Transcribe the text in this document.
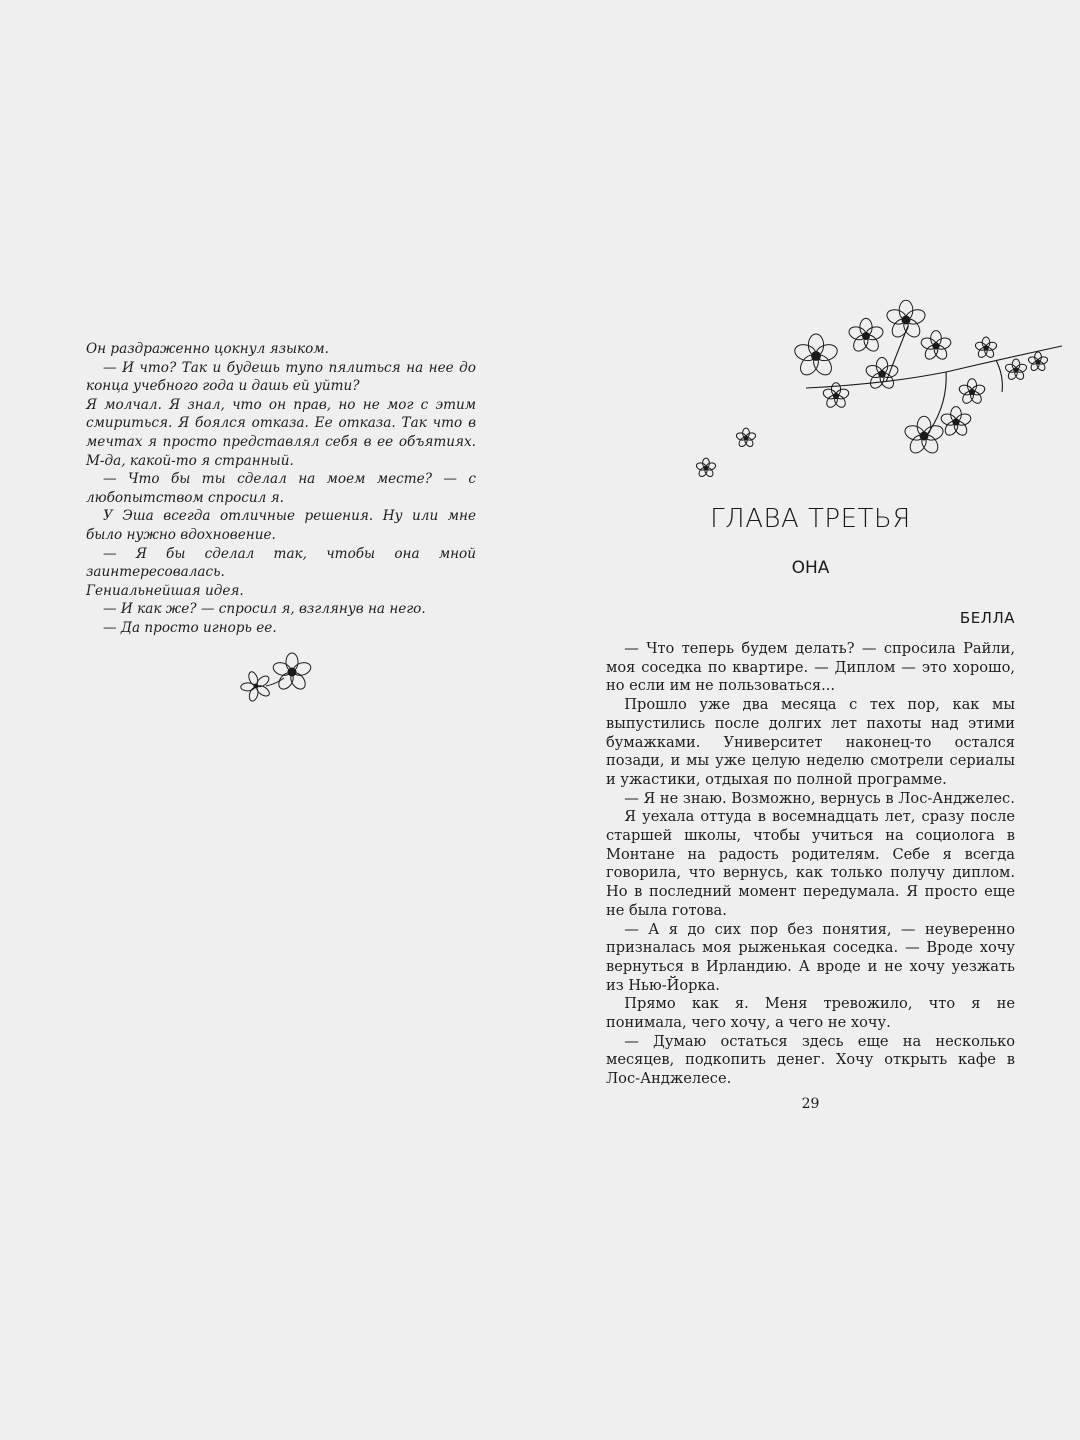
Он раздраженно цокнул языком.

— И что? Так и будешь тупо пялиться на нее до конца учебного года и дашь ей уйти?

Я молчал. Я знал, что он прав, но не мог с этим смириться. Я боялся отказа. Ее отказа. Так что в мечтах я просто представлял себя в ее объятиях. М-да, какой-то я странный.

— Что бы ты сделал на моем месте? — с любопытством спросил я.

У Эша всегда отличные решения. Ну или мне было нужно вдохновение.

— Я бы сделал так, чтобы она мной заинтересовалась.

Гениальнейшая идея.

— И как же? — спросил я, взглянув на него.

— Да просто игнорь ее.

ГЛАВА ТРЕТЬЯ
ОНА
БЕЛЛА

— Что теперь будем делать? — спросила Райли, моя соседка по квартире. — Диплом — это хорошо, но если им не пользоваться...

Прошло уже два месяца с тех пор, как мы выпустились после долгих лет пахоты над этими бумажками. Университет наконец-то остался позади, и мы уже целую неделю смотрели сериалы и ужастики, отдыхая по полной программе.

— Я не знаю. Возможно, вернусь в Лос-Анджелес.

Я уехала оттуда в восемнадцать лет, сразу после старшей школы, чтобы учиться на социолога в Монтане на радость родителям. Себе я всегда говорила, что вернусь, как только получу диплом. Но в последний момент передумала. Я просто еще не была готова.

— А я до сих пор без понятия, — неуверенно призналась моя рыженькая соседка. — Вроде хочу вернуться в Ирландию. А вроде и не хочу уезжать из Нью-Йорка.

Прямо как я. Меня тревожило, что я не понимала, чего хочу, а чего не хочу.

— Думаю остаться здесь еще на несколько месяцев, подкопить денег. Хочу открыть кафе в Лос-Анджелесе.

29
